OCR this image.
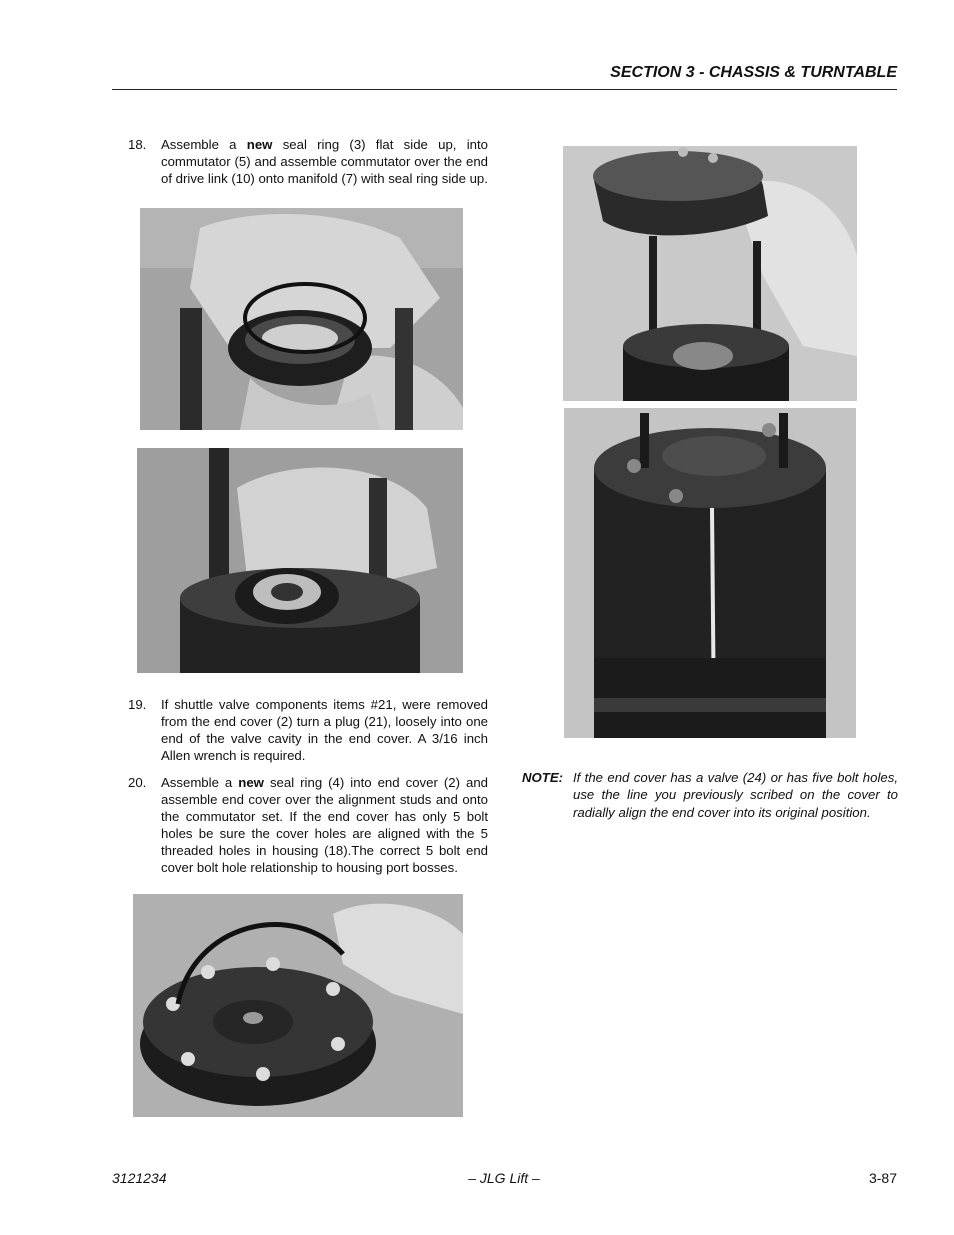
SECTION 3 - CHASSIS & TURNTABLE
18. Assemble a new seal ring (3) flat side up, into commutator (5) and assemble commutator over the end of drive link (10) onto manifold (7) with seal ring side up.
19. If shuttle valve components items #21, were removed from the end cover (2) turn a plug (21), loosely into one end of the valve cavity in the end cover. A 3/16 inch Allen wrench is required.
20. Assemble a new seal ring (4) into end cover (2) and assemble end cover over the alignment studs and onto the commutator set. If the end cover has only 5 bolt holes be sure the cover holes are aligned with the 5 threaded holes in housing (18).The correct 5 bolt end cover bolt hole relationship to housing port bosses.
NOTE: If the end cover has a valve (24) or has five bolt holes, use the line you previously scribed on the cover to radially align the end cover into its original position.
3121234	– JLG Lift –	3-87
